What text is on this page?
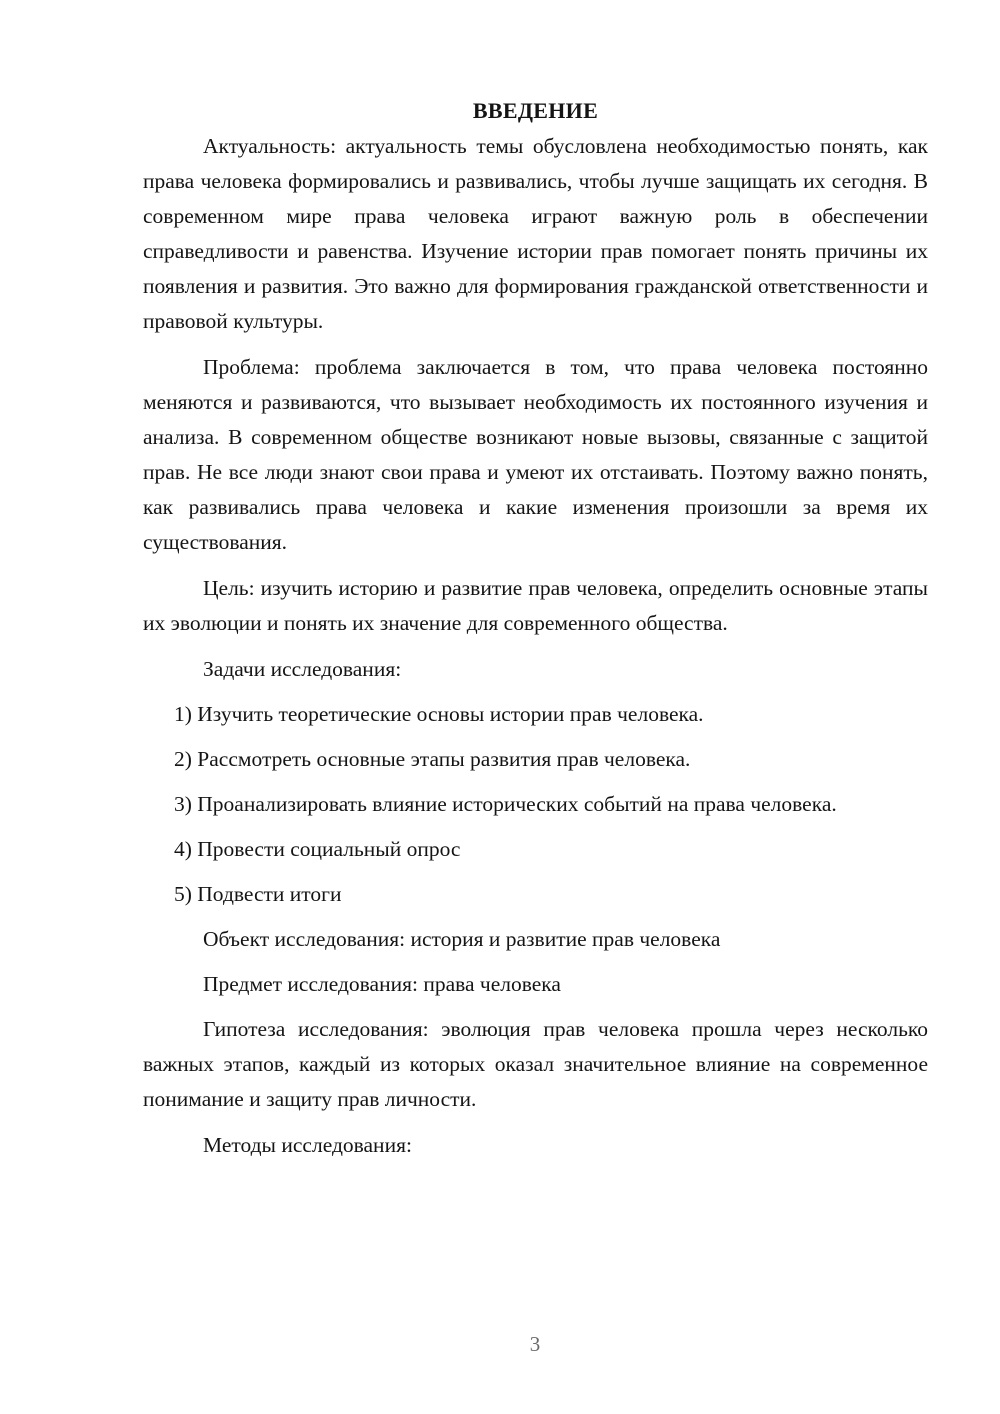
ВВЕДЕНИЕ

Актуальность: актуальность темы обусловлена необходимостью понять, как права человека формировались и развивались, чтобы лучше защищать их сегодня. В современном мире права человека играют важную роль в обеспечении справедливости и равенства. Изучение истории прав помогает понять причины их появления и развития. Это важно для формирования гражданской ответственности и правовой культуры.

Проблема: проблема заключается в том, что права человека постоянно меняются и развиваются, что вызывает необходимость их постоянного изучения и анализа. В современном обществе возникают новые вызовы, связанные с защитой прав. Не все люди знают свои права и умеют их отстаивать. Поэтому важно понять, как развивались права человека и какие изменения произошли за время их существования.

Цель: изучить историю и развитие прав человека, определить основные этапы их эволюции и понять их значение для современного общества.

Задачи исследования:

1) Изучить теоретические основы истории прав человека.

2) Рассмотреть основные этапы развития прав человека.

3) Проанализировать влияние исторических событий на права человека.

4) Провести социальный опрос

5) Подвести итоги

Объект исследования: история и развитие прав человека

Предмет исследования: права человека

Гипотеза исследования: эволюция прав человека прошла через несколько важных этапов, каждый из которых оказал значительное влияние на современное понимание и защиту прав личности.

Методы исследования:

3
